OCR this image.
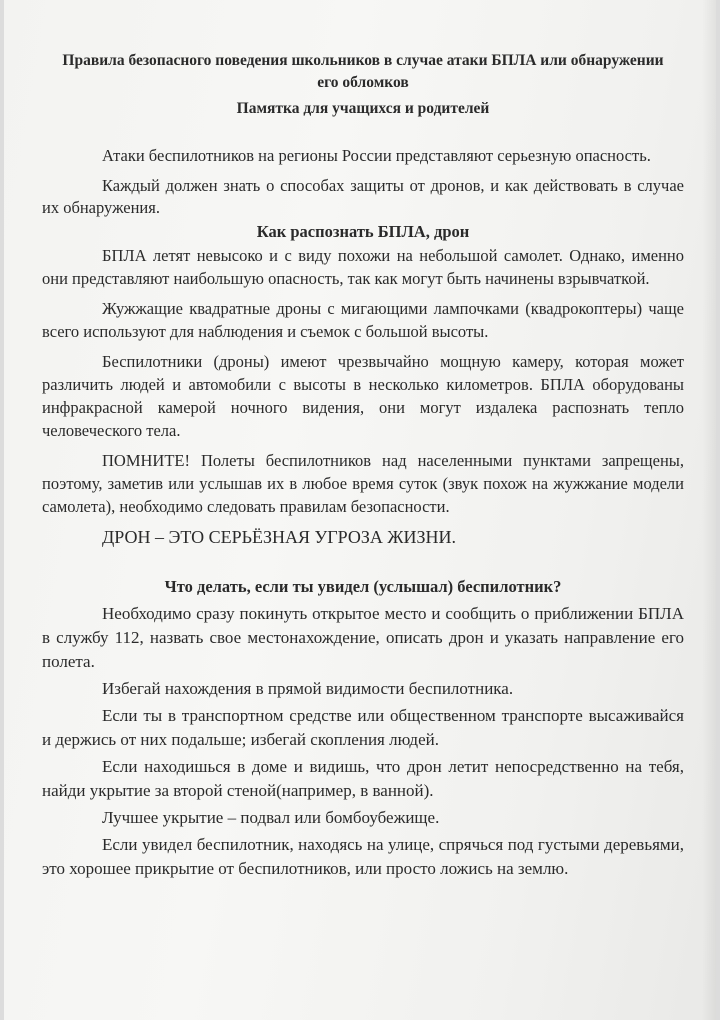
Правила безопасного поведения школьников в случае атаки БПЛА или обнаружении его обломков
Памятка для учащихся и родителей

Атаки беспилотников на регионы России представляют серьезную опасность.

Каждый должен знать о способах защиты от дронов, и как действовать в случае их обнаружения.

Как распознать БПЛА, дрон

БПЛА летят невысоко и с виду похожи на небольшой самолет. Однако, именно они представляют наибольшую опасность, так как могут быть начинены взрывчаткой.

Жужжащие квадратные дроны с мигающими лампочками (квадрокоптеры) чаще всего используют для наблюдения и съемок с большой высоты.

Беспилотники (дроны) имеют чрезвычайно мощную камеру, которая может различить людей и автомобили с высоты в несколько километров. БПЛА оборудованы инфракрасной камерой ночного видения, они могут издалека распознать тепло человеческого тела.

ПОМНИТЕ! Полеты беспилотников над населенными пунктами запрещены, поэтому, заметив или услышав их в любое время суток (звук похож на жужжание модели самолета), необходимо следовать правилам безопасности.

ДРОН – ЭТО СЕРЬЁЗНАЯ УГРОЗА ЖИЗНИ.

Что делать, если ты увидел (услышал) беспилотник?

Необходимо сразу покинуть открытое место и сообщить о приближении БПЛА в службу 112, назвать свое местонахождение, описать дрон и указать направление его полета.

Избегай нахождения в прямой видимости беспилотника.

Если ты в транспортном средстве или общественном транспорте высаживайся и держись от них подальше; избегай скопления людей.

Если находишься в доме и видишь, что дрон летит непосредственно на тебя, найди укрытие за второй стеной(например, в ванной).

Лучшее укрытие – подвал или бомбоубежище.

Если увидел беспилотник, находясь на улице, спрячься под густыми деревьями, это хорошее прикрытие от беспилотников, или просто ложись на землю.
